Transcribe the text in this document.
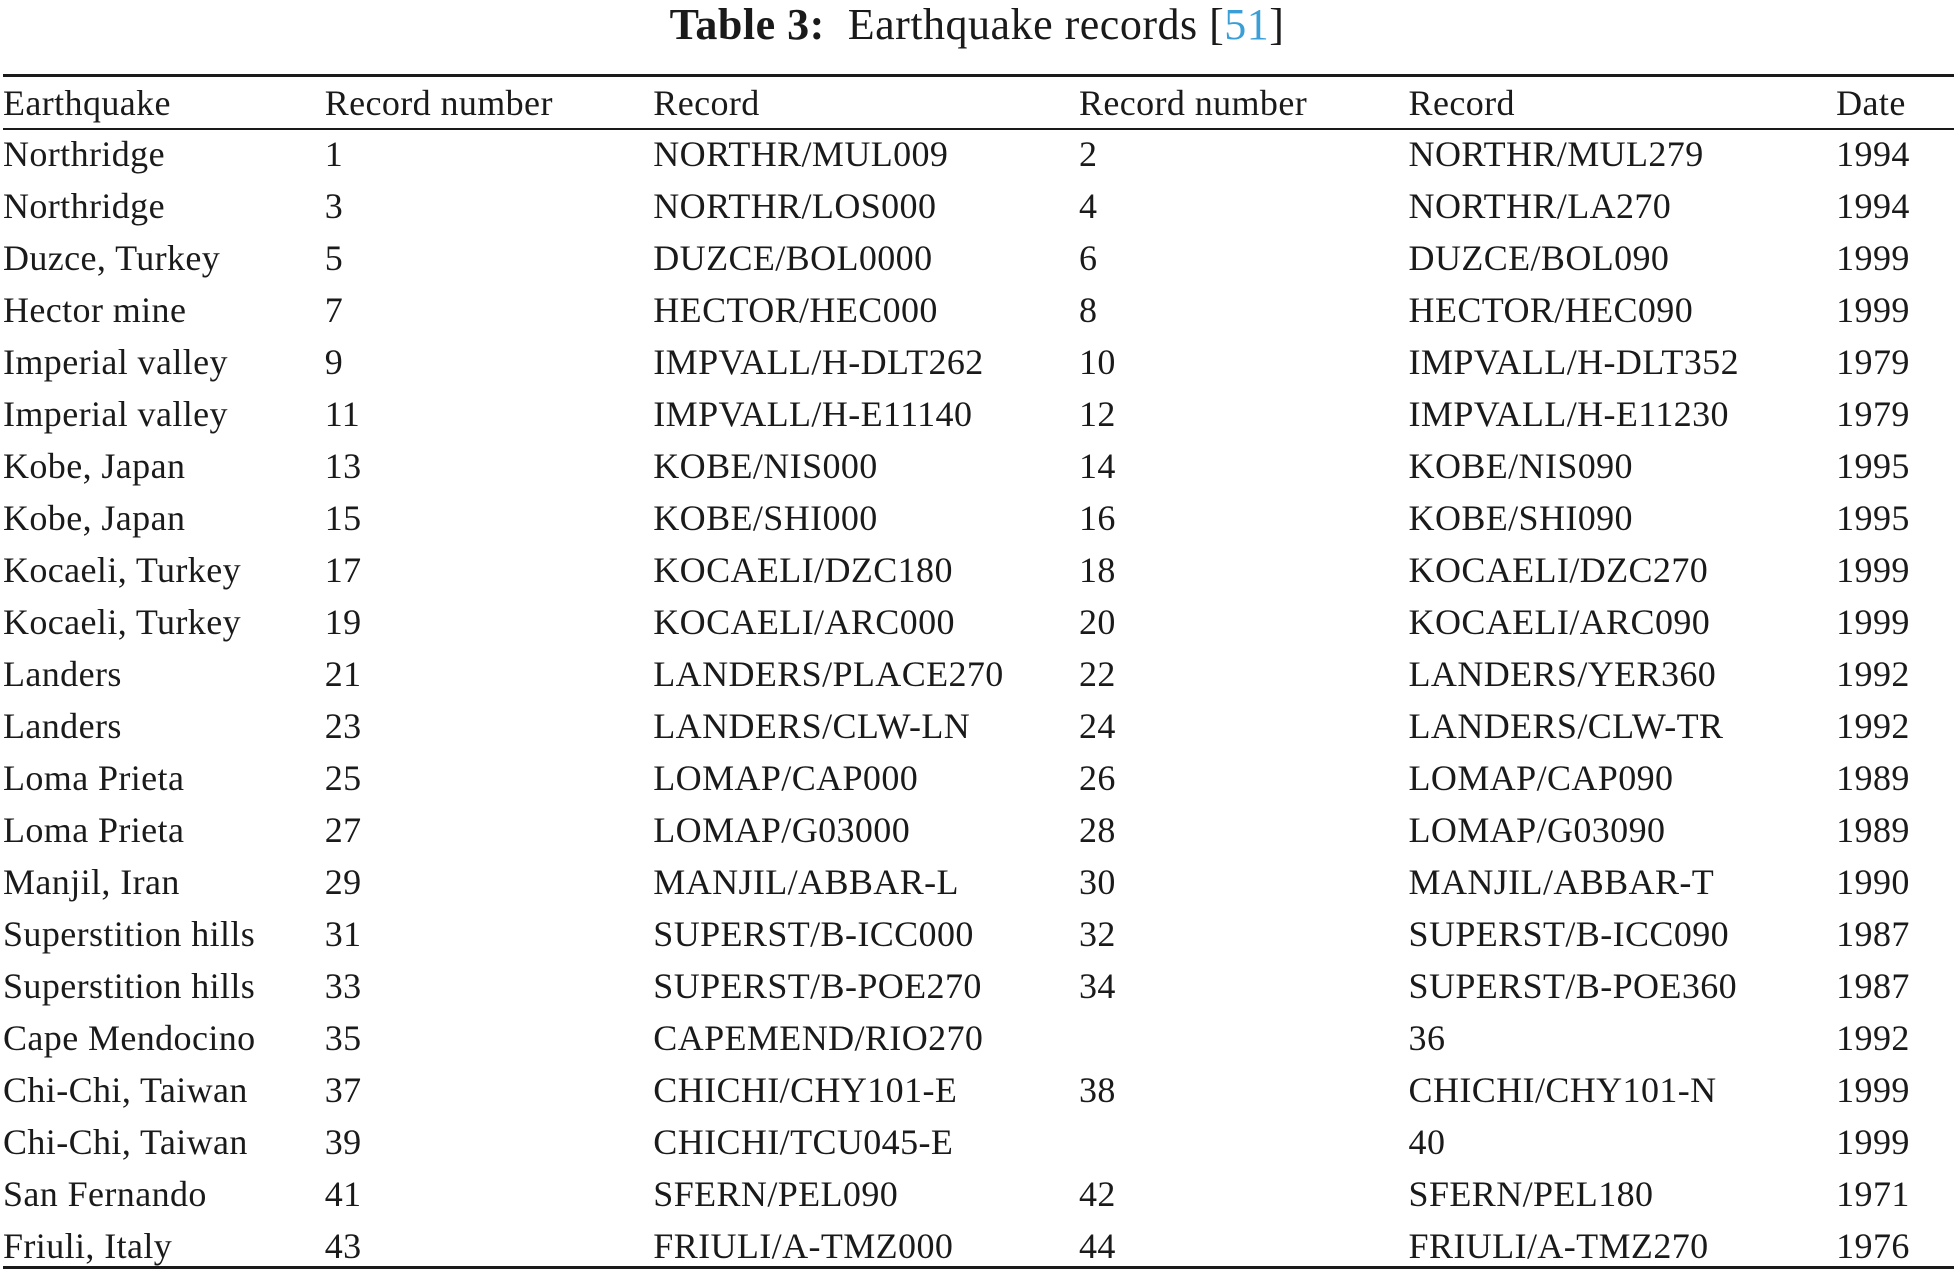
Table 3: Earthquake records [51]
Earthquake	Record number	Record	Record number	Record	Date
Northridge	1	NORTHR/MUL009	2	NORTHR/MUL279	1994
Northridge	3	NORTHR/LOS000	4	NORTHR/LA270	1994
Duzce, Turkey	5	DUZCE/BOL0000	6	DUZCE/BOL090	1999
Hector mine	7	HECTOR/HEC000	8	HECTOR/HEC090	1999
Imperial valley	9	IMPVALL/H-DLT262	10	IMPVALL/H-DLT352	1979
Imperial valley	11	IMPVALL/H-E11140	12	IMPVALL/H-E11230	1979
Kobe, Japan	13	KOBE/NIS000	14	KOBE/NIS090	1995
Kobe, Japan	15	KOBE/SHI000	16	KOBE/SHI090	1995
Kocaeli, Turkey	17	KOCAELI/DZC180	18	KOCAELI/DZC270	1999
Kocaeli, Turkey	19	KOCAELI/ARC000	20	KOCAELI/ARC090	1999
Landers	21	LANDERS/PLACE270	22	LANDERS/YER360	1992
Landers	23	LANDERS/CLW-LN	24	LANDERS/CLW-TR	1992
Loma Prieta	25	LOMAP/CAP000	26	LOMAP/CAP090	1989
Loma Prieta	27	LOMAP/G03000	28	LOMAP/G03090	1989
Manjil, Iran	29	MANJIL/ABBAR-L	30	MANJIL/ABBAR-T	1990
Superstition hills	31	SUPERST/B-ICC000	32	SUPERST/B-ICC090	1987
Superstition hills	33	SUPERST/B-POE270	34	SUPERST/B-POE360	1987
Cape Mendocino	35	CAPEMEND/RIO270		36	1992
Chi-Chi, Taiwan	37	CHICHI/CHY101-E	38	CHICHI/CHY101-N	1999
Chi-Chi, Taiwan	39	CHICHI/TCU045-E		40	1999
San Fernando	41	SFERN/PEL090	42	SFERN/PEL180	1971
Friuli, Italy	43	FRIULI/A-TMZ000	44	FRIULI/A-TMZ270	1976
